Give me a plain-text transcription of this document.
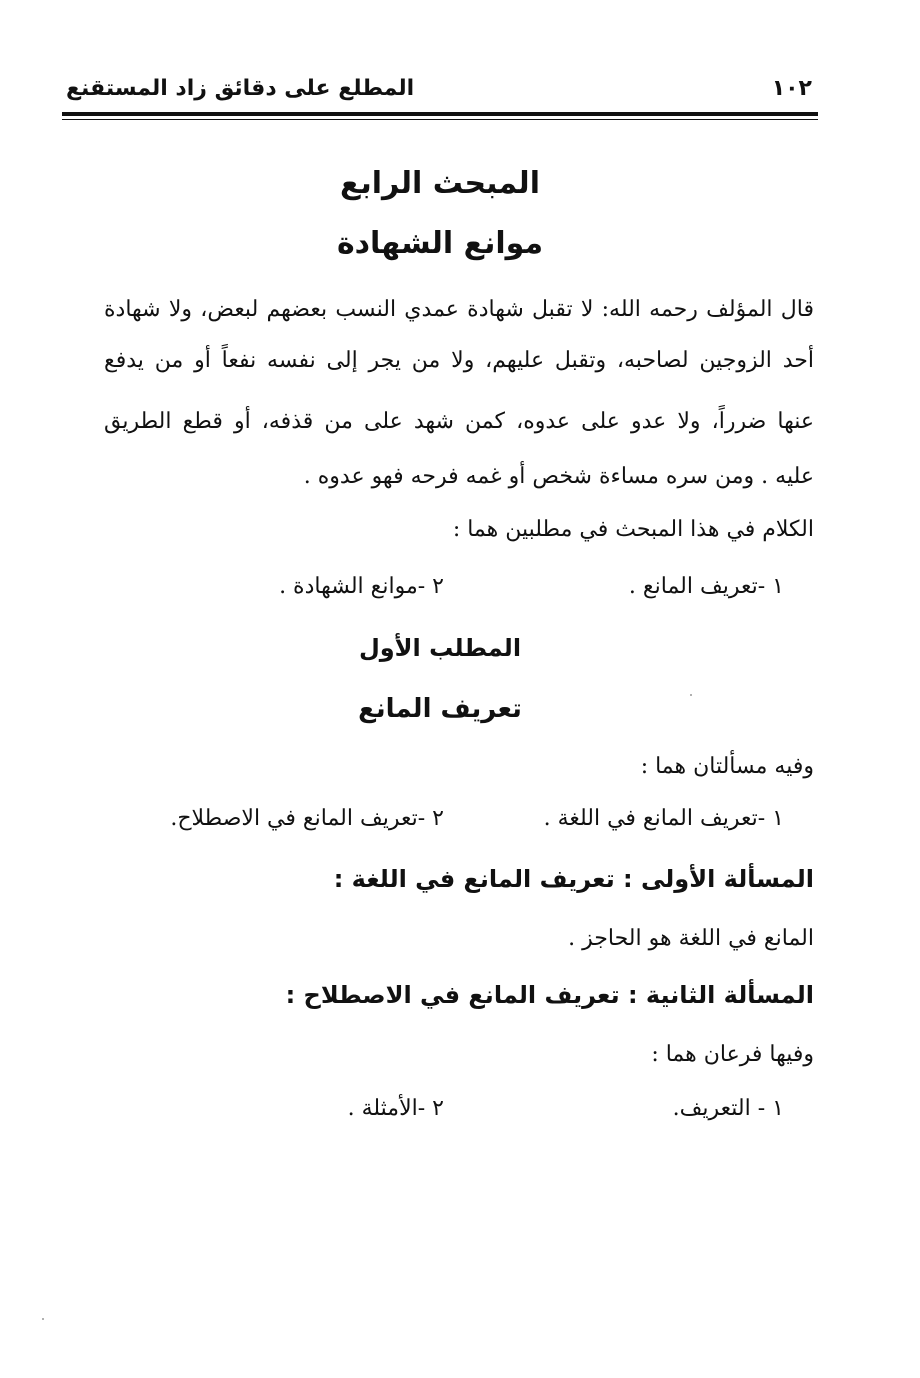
١٠٢
المطلع على دقائق زاد المستقنع
المبحث الرابع
موانع الشهادة
قال المؤلف رحمه الله: لا تقبل شهادة عمدي النسب بعضهم لبعض، ولا شهادة
أحد الزوجين لصاحبه، وتقبل عليهم، ولا من يجر إلى نفسه نفعاً أو من يدفع
عنها ضرراً، ولا عدو على عدوه، كمن شهد على من قذفه، أو قطع الطريق
عليه . ومن سره مساءة شخص أو غمه فرحه فهو عدوه .
الكلام في هذا المبحث في مطلبين هما :
١ -تعريف المانع .
٢ -موانع الشهادة .
المطلب الأول
تعريف المانع
وفيه مسألتان هما :
١ -تعريف المانع في اللغة .
٢ -تعريف المانع في الاصطلاح.
المسألة الأولى : تعريف المانع في اللغة :
المانع في اللغة هو الحاجز .
المسألة الثانية : تعريف المانع في الاصطلاح :
وفيها فرعان هما :
١ - التعريف.
٢ -الأمثلة .
